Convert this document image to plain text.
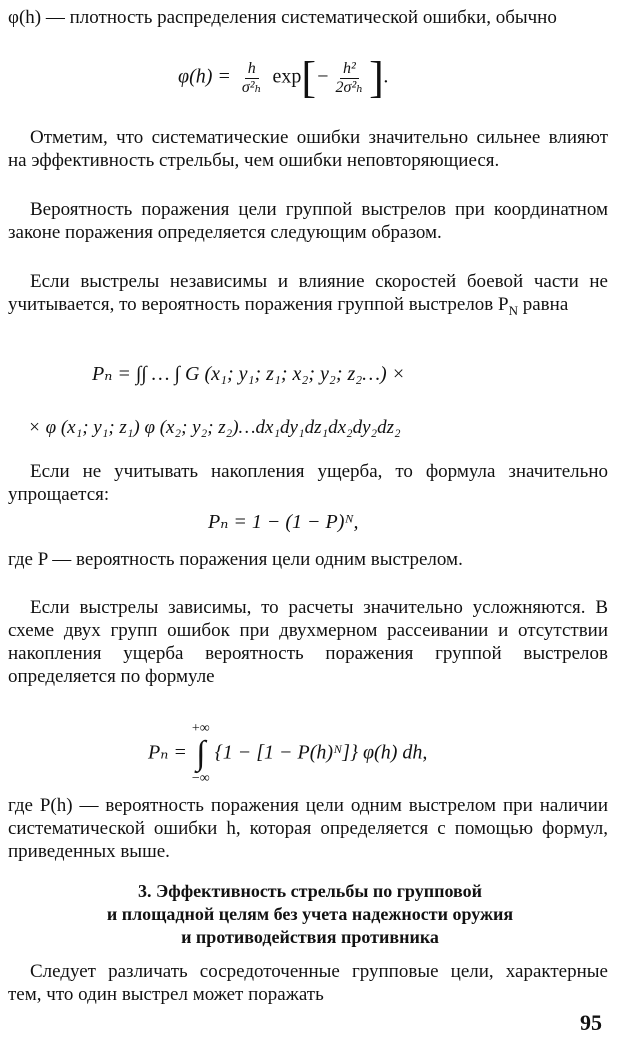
φ(h) — плотность распределения систематической ошибки, обычно

$\varphi(h) = \frac{h}{\text{σ²ₕ}} \exp[- \frac{\text{h²}}{\text{2σ²ₕ}}$ ].

Отметим, что систематические ошибки значительно сильнее влияют на эффективность стрельбы, чем ошибки неповторяющиеся.

Вероятность поражения цели группой выстрелов при координатном законе поражения определяется следующим образом.

Если выстрелы независимы и влияние скоростей боевой части не учитывается, то вероятность поражения группой выстрелов $P_N$ равна

Pₙ = ∫∫ … ∫ G (x₁; y₁; z₁; x₂; y₂; z₂…) ×
× φ (x₁; y₁; z₁) φ (x₂; y₂; z₂)…dx₁dy₁dz₁dx₂dy₂dz₂

Если не учитывать накопления ущерба, то формула значительно упрощается:

Pₙ = 1 − (1 − P)ᴺ,

где P — вероятность поражения цели одним выстрелом.

Если выстрелы зависимы, то расчеты значительно усложняются. В схеме двух групп ошибок при двухмерном рассеивании и отсутствии накопления ущерба вероятность поражения группой выстрелов определяется по формуле

Pₙ =
+∞
∫
−∞
{1 − [1 − P(h)ᴺ]} φ(h) dh,

где P(h) — вероятность поражения цели одним выстрелом при наличии систематической ошибки h, которая определяется с помощью формул, приведенных выше.

3. Эффективность стрельбы по групповой
и площадной целям без учета надежности оружия
и противодействия противника

Следует различать сосредоточенные групповые цели, характерные тем, что один выстрел может поражать

95
